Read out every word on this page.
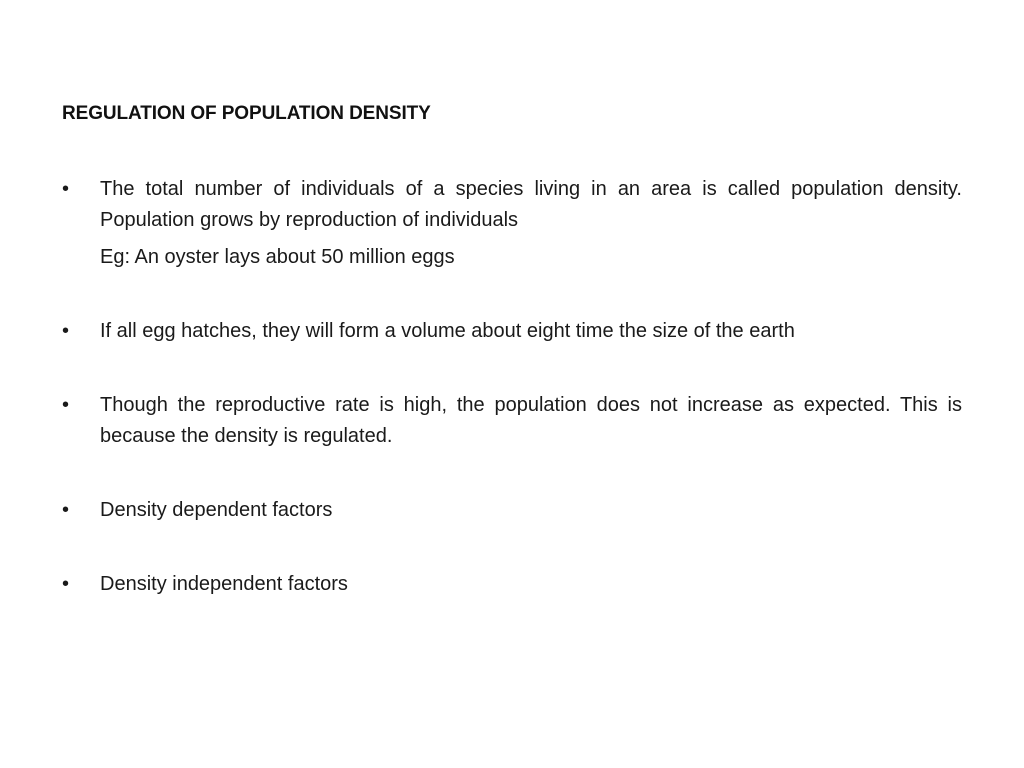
REGULATION OF POPULATION DENSITY
•	The total number of individuals of a species living in an area is called population density. Population grows by reproduction of individuals
Eg: An oyster lays about 50 million eggs
•	If all egg hatches, they will form a volume about eight time the size of the earth
•	Though the reproductive rate is high, the population does not increase as expected. This is because the density is regulated.
•	Density dependent factors
•	Density independent factors
